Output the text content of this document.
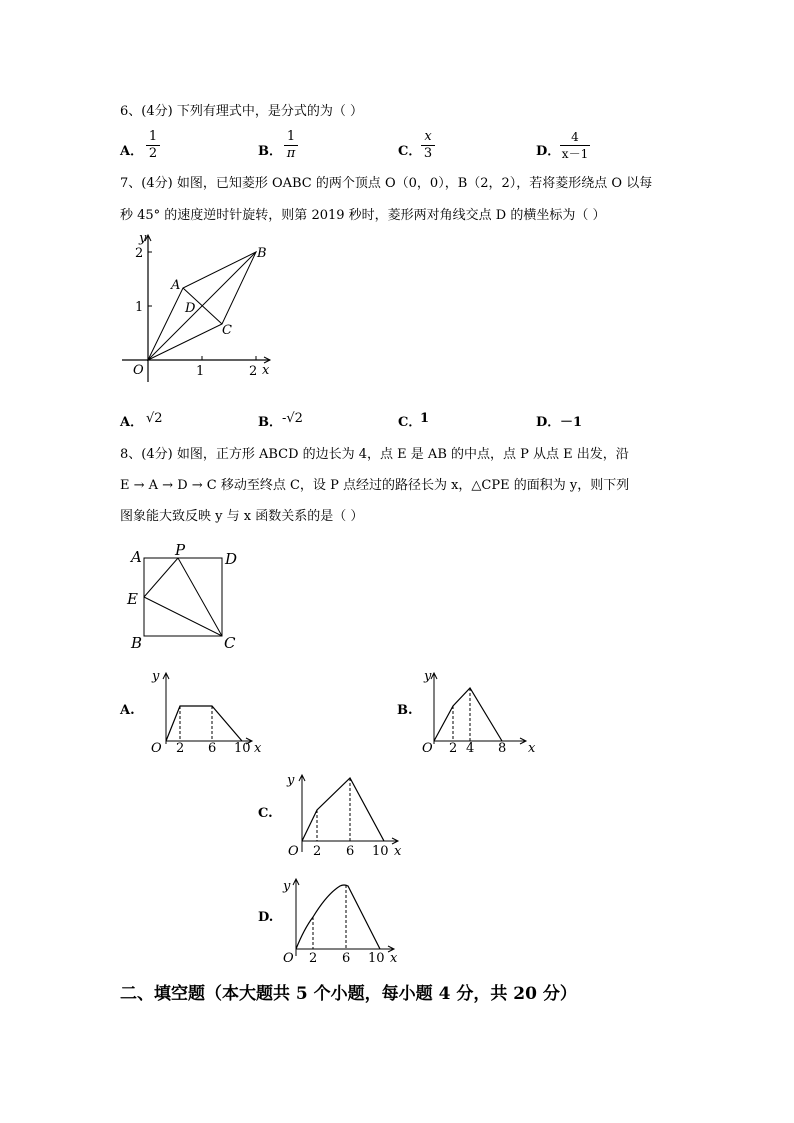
6、(4分) 下列有理式中，是分式的为（ ）
A． $\frac{1}{2}$	B． $\frac{1}{\pi}$	C． $\frac{x}{3}$	D． $\frac{4}{x-1}$
7、(4分) 如图，已知菱形 OABC 的两个顶点 O（0，0），B（2，2），若将菱形绕点 O 以每
秒 45° 的速度逆时针旋转，则第 2019 秒时，菱形两对角线交点 D 的横坐标为（ ）
y
x
O	1	2
1
2
A
B
C
D
A． √2	B． -√2	C．
1	D． －1
8、(4分) 如图，正方形 ABCD 的边长为 4，点 E 是 AB 的中点，点 P 从点 E 出发，沿
E → A → D → C 移动至终点 C，设 P 点经过的路径长为 x，△CPE 的面积为 y，则下列
图象能大致反映 y 与 x 函数关系的是（ ）
A P	D
E
B	C
A.
y
O 2 6 10 x
B.
y
O 2 4 8 x
C.
y
O 2 6 10 x
D.
y
O 2 6 10 x
二、填空题（本大题共 5 个小题，每小题 4 分，共 20 分）
